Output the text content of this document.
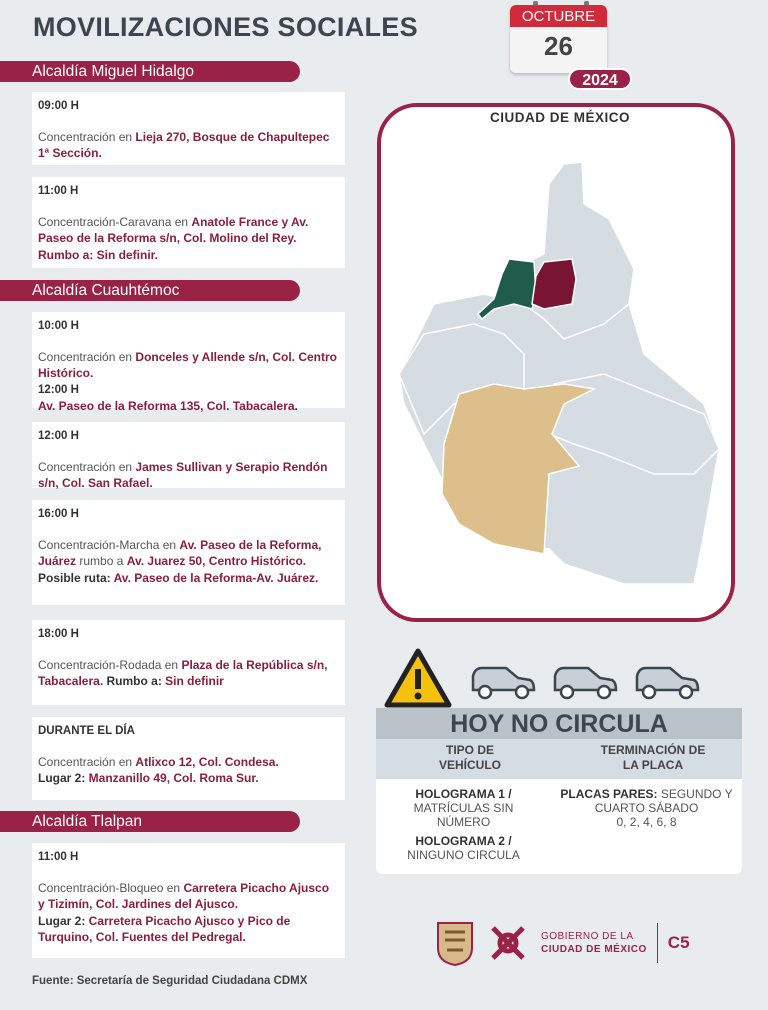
MOVILIZACIONES SOCIALES	OCTUBRE
26
2024
Alcaldía Miguel Hidalgo
Alcaldía Cuauhtémoc
Alcaldía Tlalpan
09:00 H
Concentración en Lieja 270, Bosque de Chapultepec 1ª Sección.
11:00 H
Concentración-Caravana en Anatole France y Av. Paseo de la Reforma s/n, Col. Molino del Rey. Rumbo a: Sin definir.
10:00 H
Concentración en Donceles y Allende s/n, Col. Centro Histórico.
12:00 H
Av. Paseo de la Reforma 135, Col. Tabacalera.
12:00 H
Concentración en James Sullivan y Serapio Rendón s/n, Col. San Rafael.
16:00 H
Concentración-Marcha en Av. Paseo de la Reforma, Juárez rumbo a Av. Juarez 50, Centro Histórico. Posible ruta: Av. Paseo de la Reforma-Av. Juárez.
18:00 H
Concentración-Rodada en Plaza de la República s/n, Tabacalera. Rumbo a: Sin definir
DURANTE EL DÍA
Concentración en Atlixco 12, Col. Condesa.
Lugar 2: Manzanillo 49, Col. Roma Sur.
11:00 H
Concentración-Bloqueo en Carretera Picacho Ajusco y Tizimín, Col. Jardines del Ajusco.
Lugar 2: Carretera Picacho Ajusco y Pico de Turquino, Col. Fuentes del Pedregal.
Fuente: Secretaría de Seguridad Ciudadana CDMX
CIUDAD DE MÉXICO
HOY NO CIRCULA
TIPO DE VEHÍCULO
TERMINACIÓN DE LA PLACA
HOLOGRAMA 1 /

MATRÍCULAS SIN NÚMERO
HOLOGRAMA 2 /
NINGUNO CIRCULA
PLACAS PARES: SEGUNDO Y CUARTO SÁBADO
0, 2, 4, 6, 8
GOBIERNO DE LA
CIUDAD DE MÉXICO C5
